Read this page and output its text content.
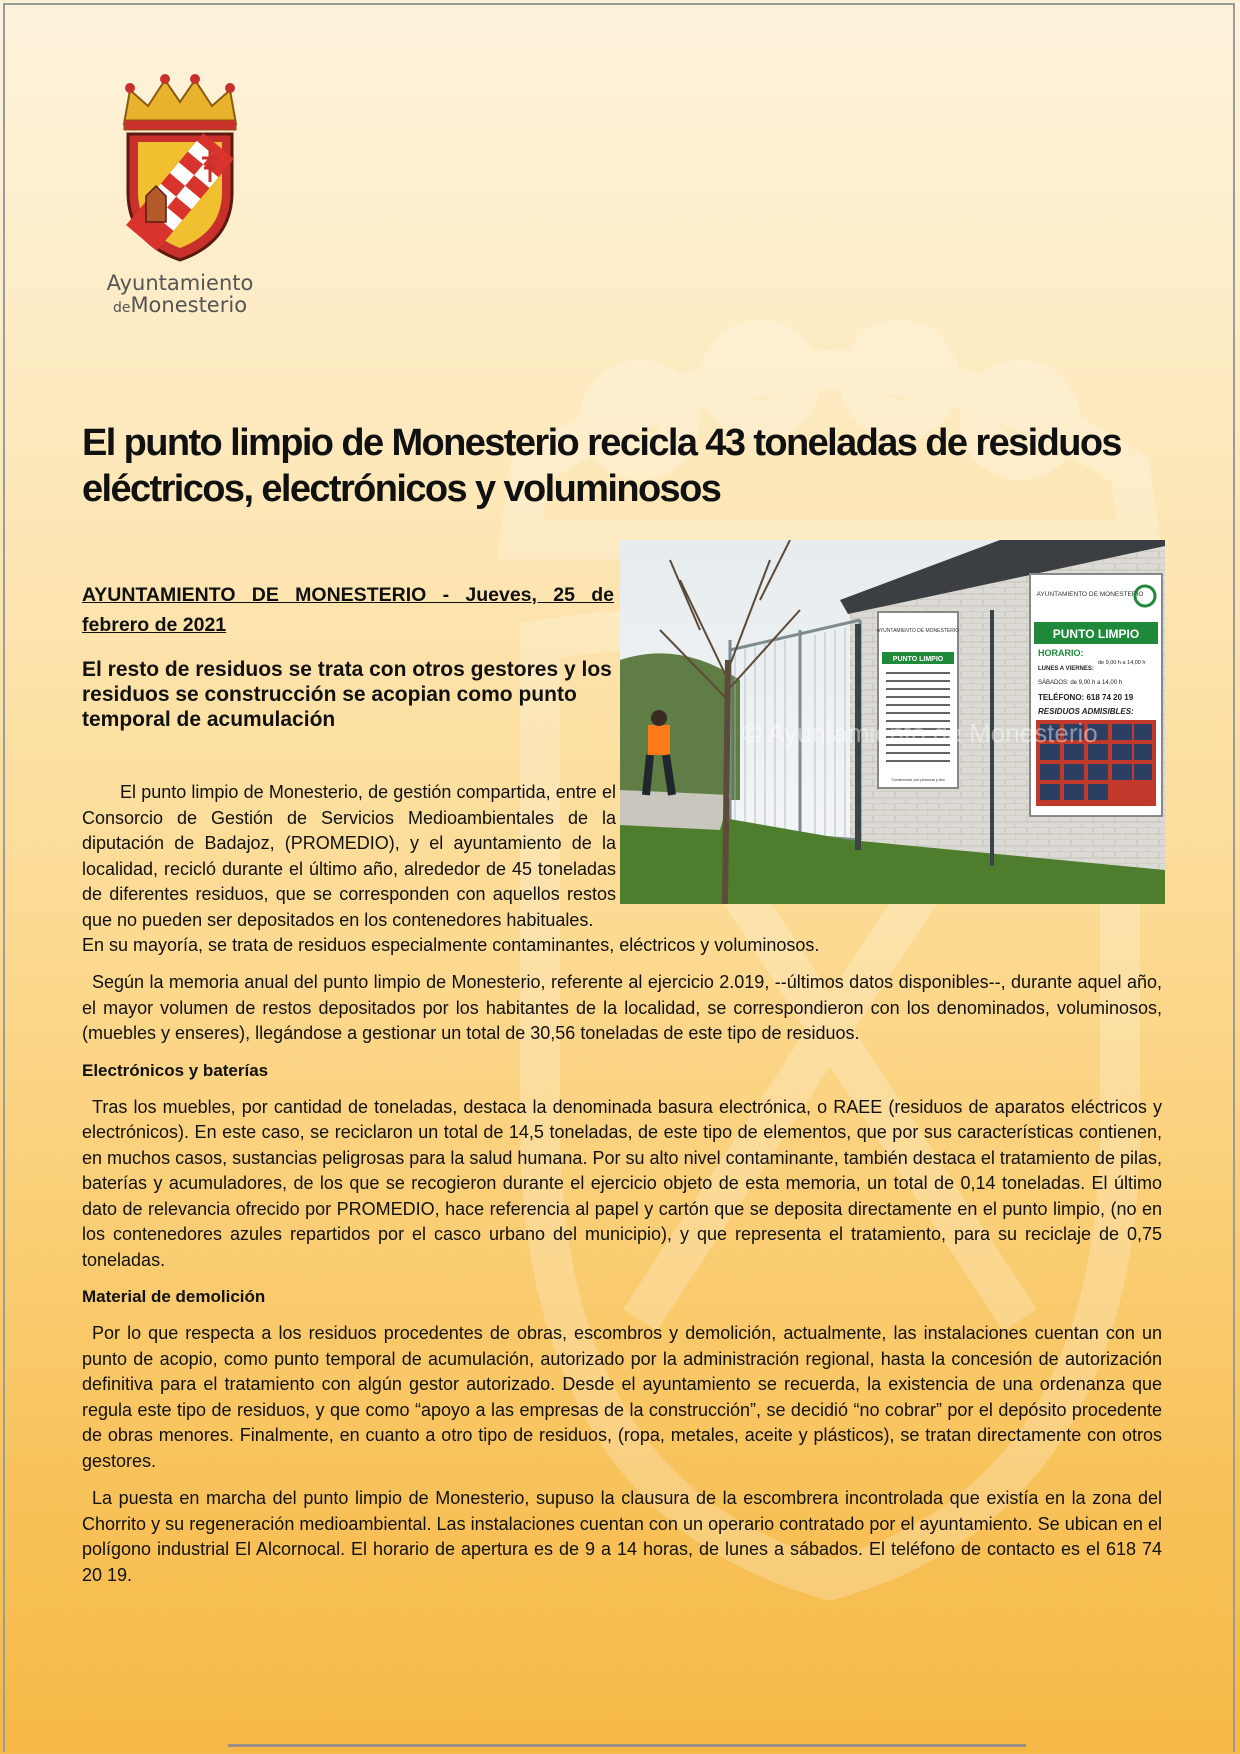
Ayuntamiento
deMonesterio
El punto limpio de Monesterio recicla 43 toneladas de residuos eléctricos, electrónicos y voluminosos
PUNTO LIMPIO
AYUNTAMIENTO DE MONESTERIO
Contenedor por persona y día
AYUNTAMIENTO DE MONESTERIO
PUNTO LIMPIO
HORARIO:
LUNES A VIERNES:
de 9,00 h a 14,00 h
SÁBADOS: de 9,00 h a 14,00 h
TELÉFONO: 618 74 20 19
RESIDUOS ADMISIBLES:
© Ayuntamiento de Monesterio

AYUNTAMIENTO DE MONESTERIO - Jueves, 25 de febrero de 2021

El resto de residuos se trata con otros gestores y los residuos se construcción se acopian como punto temporal de acumulación

El punto limpio de Monesterio, de gestión compartida, entre el Consorcio de Gestión de Servicios Medioambientales de la diputación de Badajoz, (PROMEDIO), y el ayuntamiento de la localidad, recicló durante el último año, alrededor de 45 toneladas de diferentes residuos, que se corresponden con aquellos restos que no pueden ser depositados en los contenedores habituales.

En su mayoría, se trata de residuos especialmente contaminantes, eléctricos y voluminosos.

Según la memoria anual del punto limpio de Monesterio, referente al ejercicio 2.019, --últimos datos disponibles--, durante aquel año, el mayor volumen de restos depositados por los habitantes de la localidad, se correspondieron con los denominados, voluminosos, (muebles y enseres), llegándose a gestionar un total de 30,56 toneladas de este tipo de residuos.

Electrónicos y baterías

Tras los muebles, por cantidad de toneladas, destaca la denominada basura electrónica, o RAEE (residuos de aparatos eléctricos y electrónicos). En este caso, se reciclaron un total de 14,5 toneladas, de este tipo de elementos, que por sus características contienen, en muchos casos, sustancias peligrosas para la salud humana. Por su alto nivel contaminante, también destaca el tratamiento de pilas, baterías y acumuladores, de los que se recogieron durante el ejercicio objeto de esta memoria, un total de 0,14 toneladas. El último dato de relevancia ofrecido por PROMEDIO, hace referencia al papel y cartón que se deposita directamente en el punto limpio, (no en los contenedores azules repartidos por el casco urbano del municipio), y que representa el tratamiento, para su reciclaje de 0,75 toneladas.

Material de demolición

Por lo que respecta a los residuos procedentes de obras, escombros y demolición, actualmente, las instalaciones cuentan con un punto de acopio, como punto temporal de acumulación, autorizado por la administración regional, hasta la concesión de autorización definitiva para el tratamiento con algún gestor autorizado. Desde el ayuntamiento se recuerda, la existencia de una ordenanza que regula este tipo de residuos, y que como “apoyo a las empresas de la construcción”, se decidió “no cobrar” por el depósito procedente de obras menores. Finalmente, en cuanto a otro tipo de residuos, (ropa, metales, aceite y plásticos), se tratan directamente con otros gestores.

La puesta en marcha del punto limpio de Monesterio, supuso la clausura de la escombrera incontrolada que existía en la zona del Chorrito y su regeneración medioambiental. Las instalaciones cuentan con un operario contratado por el ayuntamiento. Se ubican en el polígono industrial El Alcornocal. El horario de apertura es de 9 a 14 horas, de lunes a sábados. El teléfono de contacto es el 618 74 20 19.
